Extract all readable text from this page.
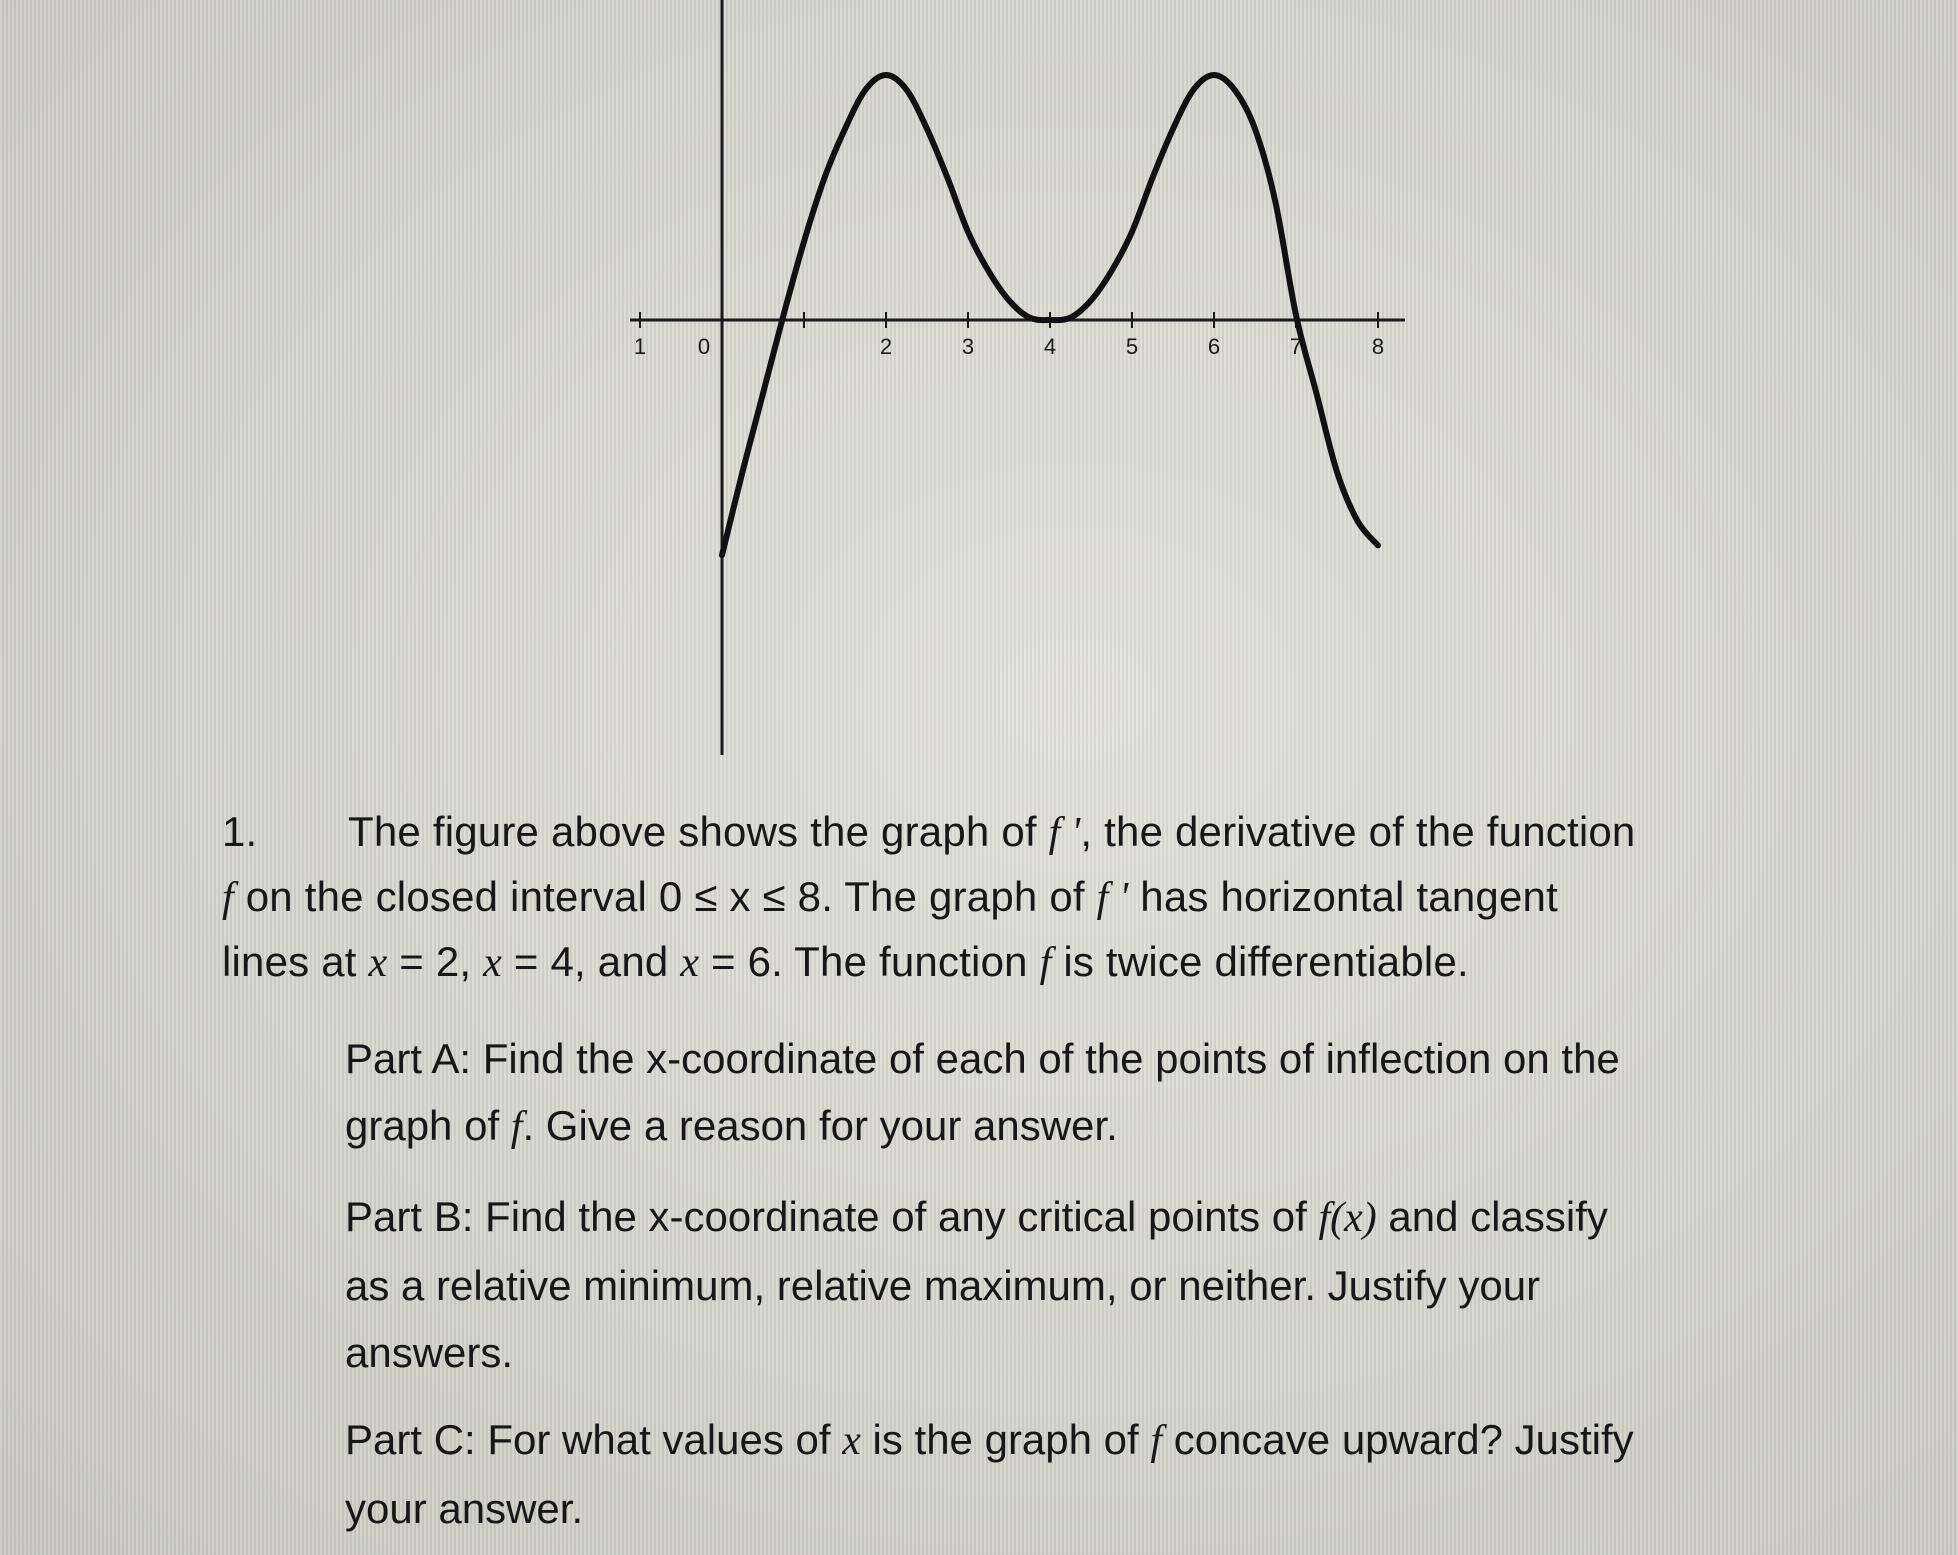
1 0	2	3	4	5	6	7	8
1. The figure above shows the graph of f ', the derivative of the function
f on the closed interval 0 ≤ x ≤ 8. The graph of f ' has horizontal tangent
lines at x = 2, x = 4, and x = 6. The function f is twice differentiable.
Part A: Find the x-coordinate of each of the points of inflection on the
graph of f. Give a reason for your answer.
Part B: Find the x-coordinate of any critical points of f(x) and classify
as a relative minimum, relative maximum, or neither. Justify your
answers.
Part C: For what values of x is the graph of f concave upward? Justify
your answer.
